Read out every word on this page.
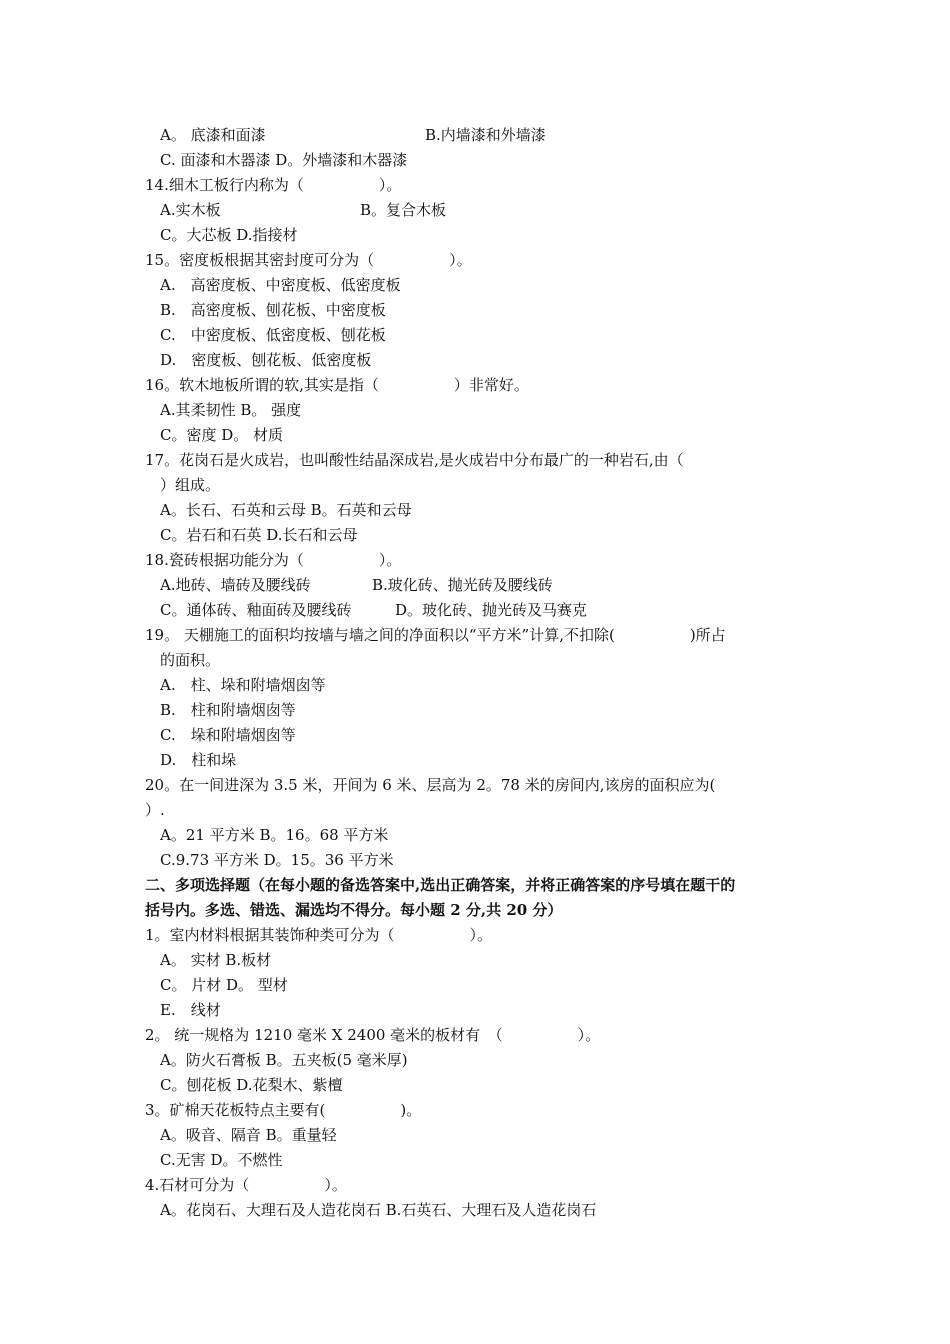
A。 底漆和面漆	B.内墙漆和外墙漆
C. 面漆和木器漆 D。外墙漆和木器漆
14.细木工板行内称为（　　　　　）。
A.实木板	B。复合木板
C。大芯板 D.指接材
15。密度板根据其密封度可分为（　　　　　）。
A.　高密度板、中密度板、低密度板
B.　高密度板、刨花板、中密度板
C.　中密度板、低密度板、刨花板
D.　密度板、刨花板、低密度板
16。软木地板所谓的软,其实是指（　　　　　）非常好。
A.其柔韧性 B。 强度
C。密度 D。 材质
17。花岗石是火成岩，也叫酸性结晶深成岩,是火成岩中分布最广的一种岩石,由（
）组成。
A。长石、石英和云母 B。石英和云母
C。岩石和石英 D.长石和云母
18.瓷砖根据功能分为（　　　　　）。
A.地砖、墙砖及腰线砖	B.玻化砖、抛光砖及腰线砖
C。通体砖、釉面砖及腰线砖	D。玻化砖、抛光砖及马赛克
19。 天棚施工的面积均按墙与墙之间的净面积以“平方米”计算,不扣除(　　　　　)所占
的面积。
A.　柱、垛和附墙烟囱等
B.　柱和附墙烟囱等
C.　垛和附墙烟囱等
D.　柱和垛
20。在一间进深为 3.5 米，开间为 6 米、层高为 2。78 米的房间内,该房的面积应为(
）.
A。21 平方米 B。16。68 平方米
C.9.73 平方米 D。15。36 平方米
二、多项选择题（在每小题的备选答案中,选出正确答案，并将正确答案的序号填在题干的
括号内。多选、错选、漏选均不得分。每小题 2 分,共 20 分）
1。室内材料根据其装饰种类可分为（　　　　　）。
A。 实材 B.板材
C。 片材 D。 型材
E.　线材
2。 统一规格为 1210 毫米 X 2400 毫米的板材有　（　　　　　）。
A。防火石膏板 B。五夹板(5 毫米厚)
C。刨花板 D.花梨木、紫檀
3。矿棉天花板特点主要有(　　　　　)。
A。吸音、隔音 B。重量轻
C.无害 D。不燃性
4.石材可分为（　　　　　）。
A。花岗石、大理石及人造花岗石 B.石英石、大理石及人造花岗石
